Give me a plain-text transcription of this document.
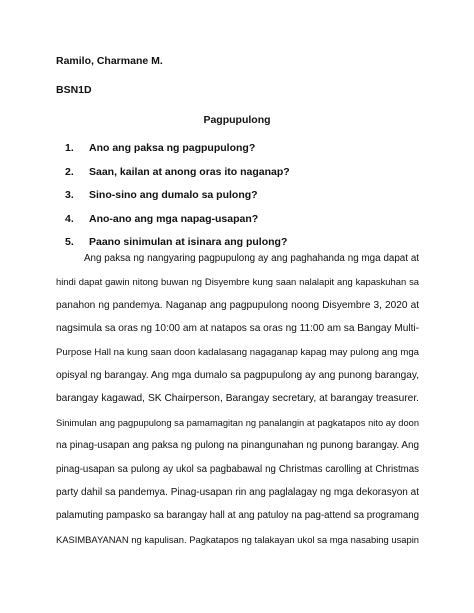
Ramilo, Charmane M.
BSN1D
Pagpupulong
1.	Ano ang paksa ng pagpupulong?
2.	Saan, kailan at anong oras ito naganap?
3.	Sino-sino ang dumalo sa pulong?
4.	Ano-ano ang mga napag-usapan?
5.	Paano sinimulan at isinara ang pulong?
Ang paksa ng nangyaring pagpupulong ay ang paghahanda ng mga dapat at
hindi dapat gawin nitong buwan ng Disyembre kung saan nalalapit ang kapaskuhan sa
panahon ng pandemya. Naganap ang pagpupulong noong Disyembre 3, 2020 at
nagsimula sa oras ng 10:00 am at natapos sa oras ng 11:00 am sa Bangay Multi-
Purpose Hall na kung saan doon kadalasang nagaganap kapag may pulong ang mga
opisyal ng barangay. Ang mga dumalo sa pagpupulong ay ang punong barangay,
barangay kagawad, SK Chairperson, Barangay secretary, at barangay treasurer.
Sinimulan ang pagpupulong sa pamamagitan ng panalangin at pagkatapos nito ay doon
na pinag-usapan ang paksa ng pulong na pinangunahan ng punong barangay. Ang
pinag-usapan sa pulong ay ukol sa pagbabawal ng Christmas carolling at Christmas
party dahil sa pandemya. Pinag-usapan rin ang paglalagay ng mga dekorasyon at
palamuting pampasko sa barangay hall at ang patuloy na pag-attend sa programang
KASIMBAYANAN ng kapulisan. Pagkatapos ng talakayan ukol sa mga nasabing usapin
